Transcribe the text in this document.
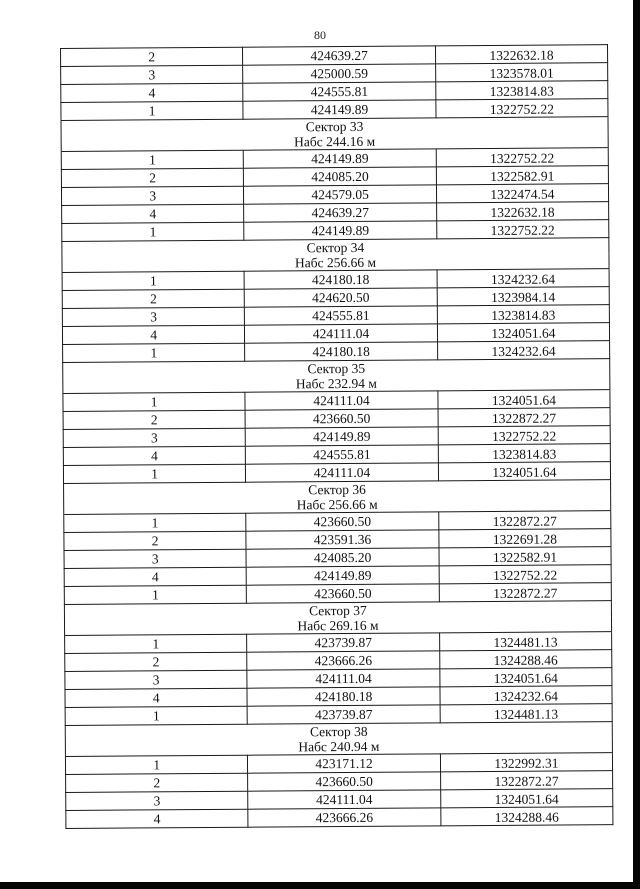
80
2	424639.27	1322632.18
3	425000.59	1323578.01
4	424555.81	1323814.83
1	424149.89	1322752.22
Сектор 33		
Набс 244.16 м		
1	424149.89	1322752.22
2	424085.20	1322582.91
3	424579.05	1322474.54
4	424639.27	1322632.18
1	424149.89	1322752.22
Сектор 34		
Набс 256.66 м		
1	424180.18	1324232.64
2	424620.50	1323984.14
3	424555.81	1323814.83
4	424111.04	1324051.64
1	424180.18	1324232.64
Сектор 35		
Набс 232.94 м		
1	424111.04	1324051.64
2	423660.50	1322872.27
3	424149.89	1322752.22
4	424555.81	1323814.83
1	424111.04	1324051.64
Сектор 36		
Набс 256.66 м		
1	423660.50	1322872.27
2	423591.36	1322691.28
3	424085.20	1322582.91
4	424149.89	1322752.22
1	423660.50	1322872.27
Сектор 37		
Набс 269.16 м		
1	423739.87	1324481.13
2	423666.26	1324288.46
3	424111.04	1324051.64
4	424180.18	1324232.64
1	423739.87	1324481.13
Сектор 38		
Набс 240.94 м		
1	423171.12	1322992.31
2	423660.50	1322872.27
3	424111.04	1324051.64
4	423666.26	1324288.46
